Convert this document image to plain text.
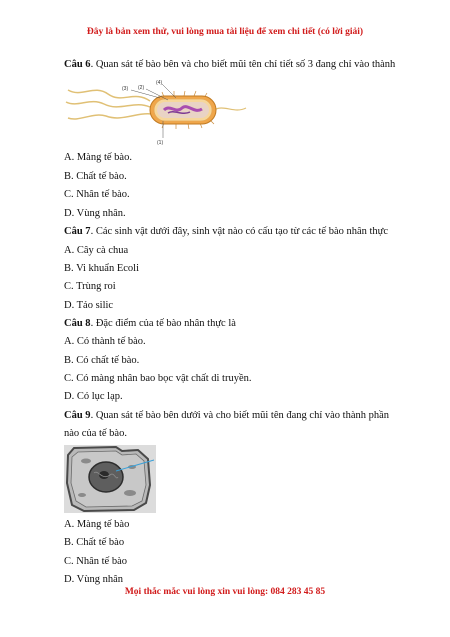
Đây là bản xem thử, vui lòng mua tài liệu để xem chi tiết (có lời giải)
Câu 6. Quan sát tế bào bên và cho biết mũi tên chỉ tiết số 3 đang chỉ vào thành
(3) (2)
(4)
(1)
A. Màng tế bào.
B. Chất tế bào.
C. Nhân tế bào.
D. Vùng nhân.
Câu 7. Các sinh vật dưới đây, sinh vật nào có cấu tạo từ các tế bào nhân thực
A. Cây cà chua
B. Vi khuẩn Ecoli
C. Trùng roi
D. Tảo silic
Câu 8. Đặc điểm của tế bào nhân thực là
A. Có thành tế bào.
B. Có chất tế bào.
C. Có màng nhân bao bọc vật chất di truyền.
D. Có lục lạp.
Câu 9. Quan sát tế bào bên dưới và cho biết mũi tên đang chỉ vào thành phần
nào của tế bào.
A. Màng tế bào
B. Chất tế bào
C. Nhân tế bào
D. Vùng nhân
Mọi thắc mắc vui lòng xin vui lòng: 084 283 45 85
